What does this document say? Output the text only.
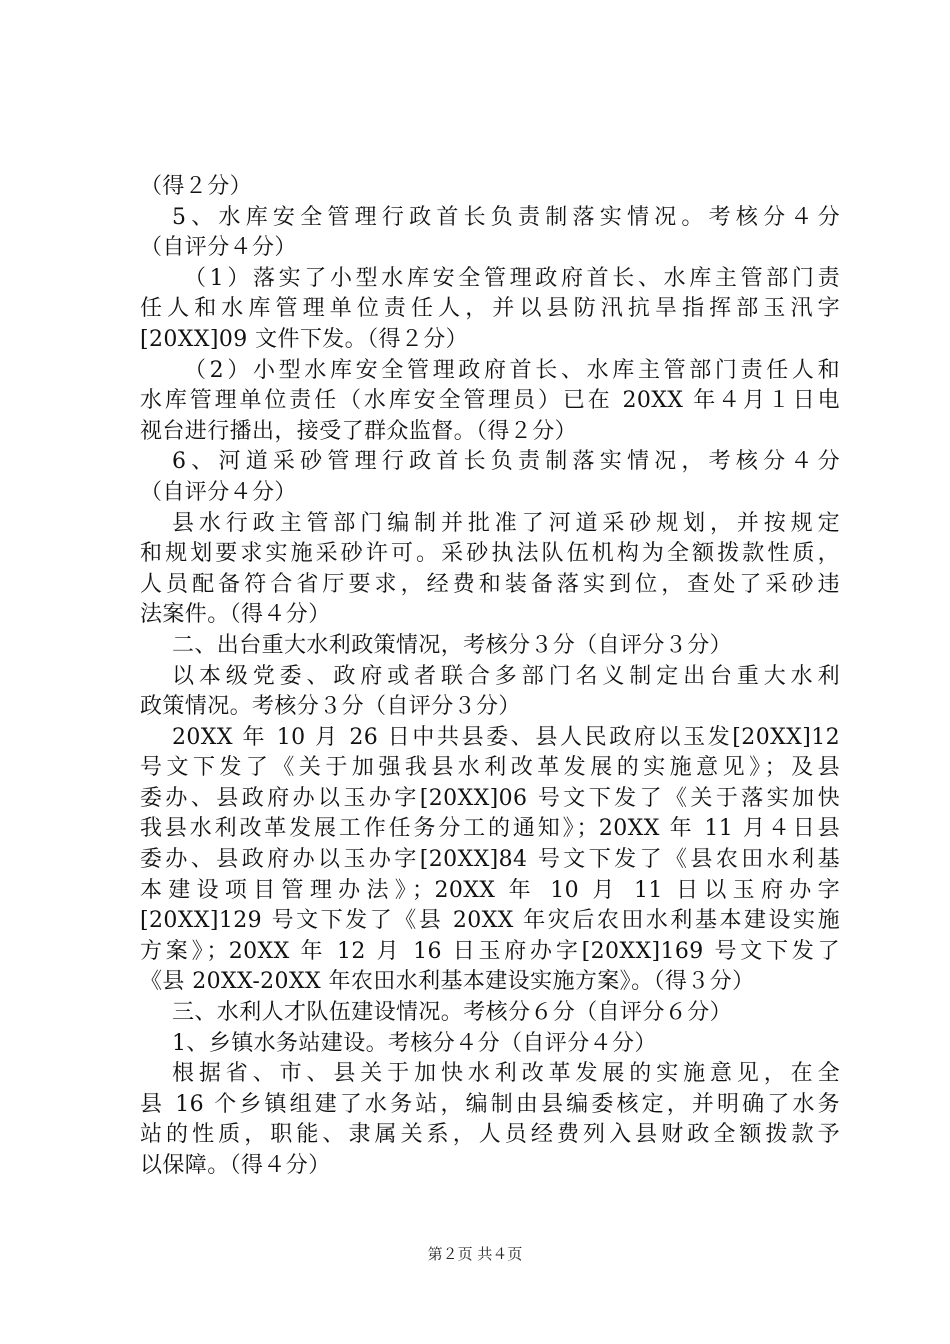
（得２分）
5、水库安全管理行政首长负责制落实情况。考核分４分
（自评分４分）
（1）落实了小型水库安全管理政府首长、水库主管部门责
任人和水库管理单位责任人，并以县防汛抗旱指挥部玉汛字
[20XX]09 文件下发。（得２分）
（2）小型水库安全管理政府首长、水库主管部门责任人和
水库管理单位责任（水库安全管理员）已在 20XX 年４月１日电
视台进行播出，接受了群众监督。（得２分）
6、河道采砂管理行政首长负责制落实情况，考核分４分
（自评分４分）
县水行政主管部门编制并批准了河道采砂规划，并按规定
和规划要求实施采砂许可。采砂执法队伍机构为全额拨款性质，
人员配备符合省厅要求，经费和装备落实到位，查处了采砂违
法案件。（得４分）
二、出台重大水利政策情况，考核分３分（自评分３分）
以本级党委、政府或者联合多部门名义制定出台重大水利
政策情况。考核分３分（自评分３分）
20XX 年 10 月 26 日中共县委、县人民政府以玉发[20XX]12
号文下发了《关于加强我县水利改革发展的实施意见》；及县
委办、县政府办以玉办字[20XX]06 号文下发了《关于落实加快
我县水利改革发展工作任务分工的通知》；20XX 年 11 月４日县
委办、县政府办以玉办字[20XX]84 号文下发了《县农田水利基
本建设项目管理办法》；20XX 年 10 月 11 日以玉府办字
[20XX]129 号文下发了《县 20XX 年灾后农田水利基本建设实施
方案》；20XX 年 12 月 16 日玉府办字[20XX]169 号文下发了
《县 20XX-20XX 年农田水利基本建设实施方案》。（得３分）
三、水利人才队伍建设情况。考核分６分（自评分６分）
1、乡镇水务站建设。考核分４分（自评分４分）
根据省、市、县关于加快水利改革发展的实施意见，在全
县 16 个乡镇组建了水务站，编制由县编委核定，并明确了水务
站的性质，职能、隶属关系，人员经费列入县财政全额拨款予
以保障。（得４分）
第２页 共４页
